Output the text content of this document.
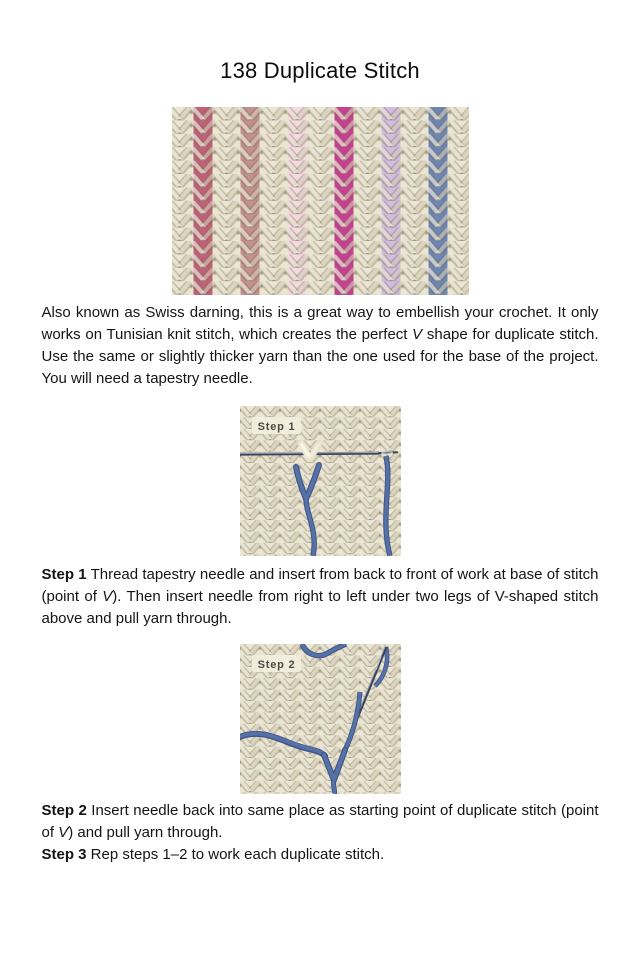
138 Duplicate Stitch

Also known as Swiss darning, this is a great way to embellish your crochet. It only works on Tunisian knit stitch, which creates the perfect V shape for duplicate stitch. Use the same or slightly thicker yarn than the one used for the base of the project. You will need a tapestry needle.

Step 1

Step 1 Thread tapestry needle and insert from back to front of work at base of stitch (point of V). Then insert needle from right to left under two legs of V-shaped stitch above and pull yarn through.

Step 2

Step 2 Insert needle back into same place as starting point of duplicate stitch (point of V) and pull yarn through.

Step 3 Rep steps 1–2 to work each duplicate stitch.
